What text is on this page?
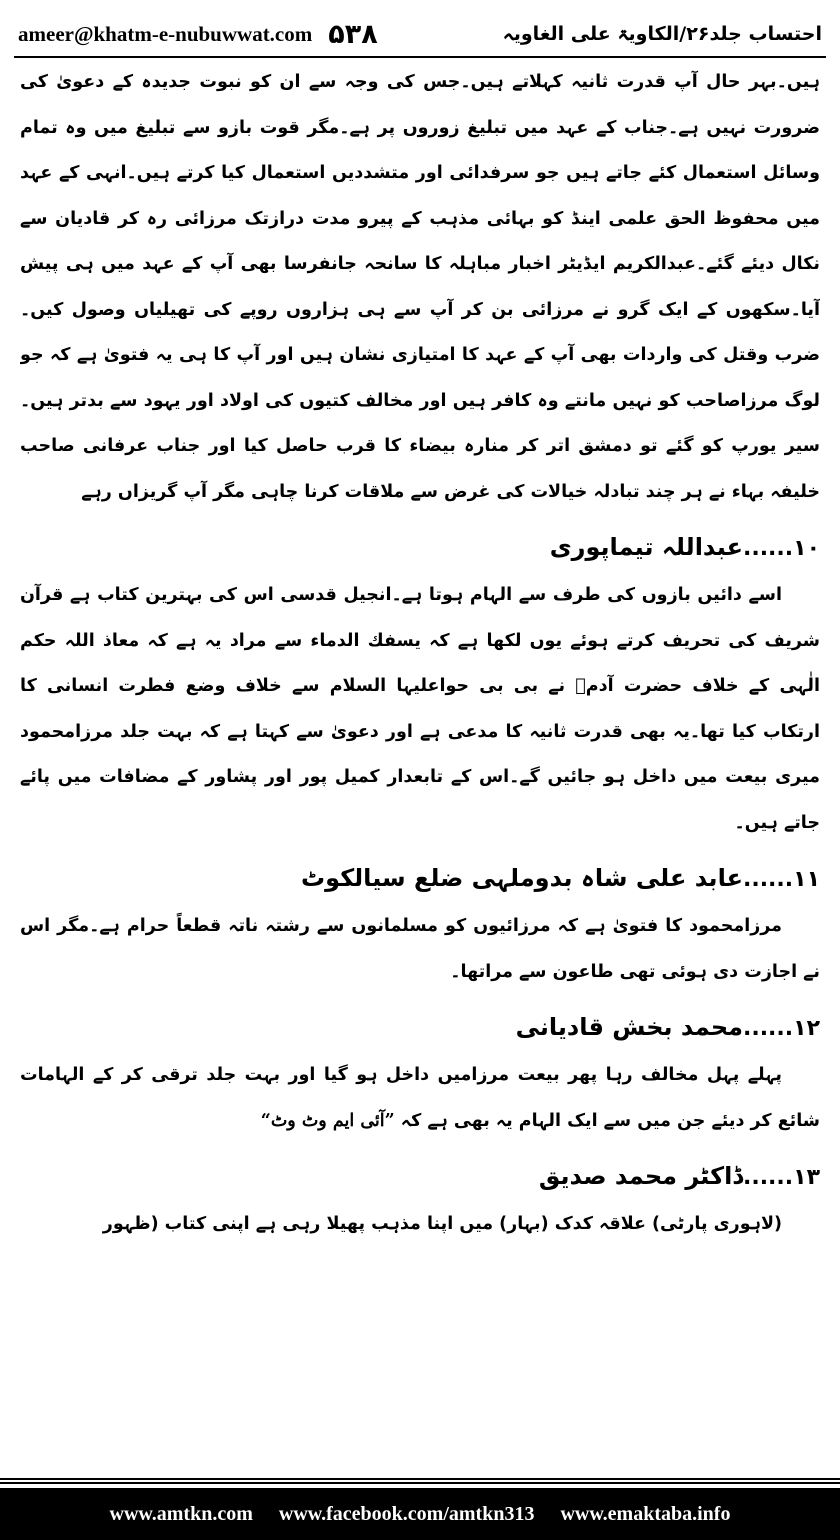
ameer@khatm-e-nubuwwat.com ۵۳۸	احتساب جلد۲۶/الکاویۃ علی الغاویہ

ہیں۔بہر حال آپ قدرت ثانیہ کہلاتے ہیں۔جس کی وجہ سے ان کو نبوت جدیدہ کے دعویٰ کی ضرورت نہیں ہے۔جناب کے عہد میں تبلیغ زوروں پر ہے۔مگر قوت بازو سے تبلیغ میں وہ تمام وسائل استعمال کئے جاتے ہیں جو سرفدائی اور متشددیں استعمال کیا کرتے ہیں۔انہی کے عہد میں محفوظ الحق علمی اینڈ کو بہائی مذہب کے پیرو مدت درازتک مرزائی رہ کر قادیان سے نکال دیئے گئے۔عبدالکریم ایڈیٹر اخبار مباہلہ کا سانحہ جانفرسا بھی آپ کے عہد میں ہی پیش آیا۔سکھوں کے ایک گرو نے مرزائی بن کر آپ سے ہی ہزاروں روپے کی تھیلیاں وصول کیں۔ضرب وقتل کی واردات بھی آپ کے عہد کا امتیازی نشان ہیں اور آپ کا ہی یہ فتویٰ ہے کہ جو لوگ مرزاصاحب کو نہیں مانتے وہ کافر ہیں اور مخالف کتیوں کی اولاد اور یہود سے بدتر ہیں۔سیر یورپ کو گئے تو دمشق اتر کر منارہ بیضاء کا قرب حاصل کیا اور جناب عرفانی صاحب خلیفہ بہاء نے ہر چند تبادلہ خیالات کی غرض سے ملاقات کرنا چاہی مگر آپ گریزاں رہے

۱۰......عبداللہ تیماپوری

اسے دائیں بازوں کی طرف سے الہام ہوتا ہے۔انجیل قدسی اس کی بہترین کتاب ہے قرآن شریف کی تحریف کرتے ہوئے یوں لکھا ہے کہ یسفك الدماء سے مراد یہ ہے کہ معاذ اللہ حکم الٰہی کے خلاف حضرت آدمؑ نے بی بی حواعلیہا السلام سے خلاف وضع فطرت انسانی کا ارتکاب کیا تھا۔یہ بھی قدرت ثانیہ کا مدعی ہے اور دعویٰ سے کہتا ہے کہ بہت جلد مرزامحمود میری بیعت میں داخل ہو جائیں گے۔اس کے تابعدار کمیل پور اور پشاور کے مضافات میں پائے جاتے ہیں۔

۱۱......عابد علی شاہ بدوملہی ضلع سیالکوٹ

مرزامحمود کا فتویٰ ہے کہ مرزائیوں کو مسلمانوں سے رشتہ ناتہ قطعاً حرام ہے۔مگر اس نے اجازت دی ہوئی تھی طاعون سے مراتھا۔

۱۲......محمد بخش قادیانی

پہلے پہل مخالف رہا پھر بیعت مرزامیں داخل ہو گیا اور بہت جلد ترقی کر کے الہامات شائع کر دیئے جن میں سے ایک الہام یہ بھی ہے کہ ”آئی ایم وٹ وٹ“

۱۳......ڈاکٹر محمد صدیق

(لاہوری پارٹی) علاقہ کدک (بہار) میں اپنا مذہب پھیلا رہی ہے اپنی کتاب (ظہور

www.amtkn.com www.facebook.com/amtkn313 www.emaktaba.info
